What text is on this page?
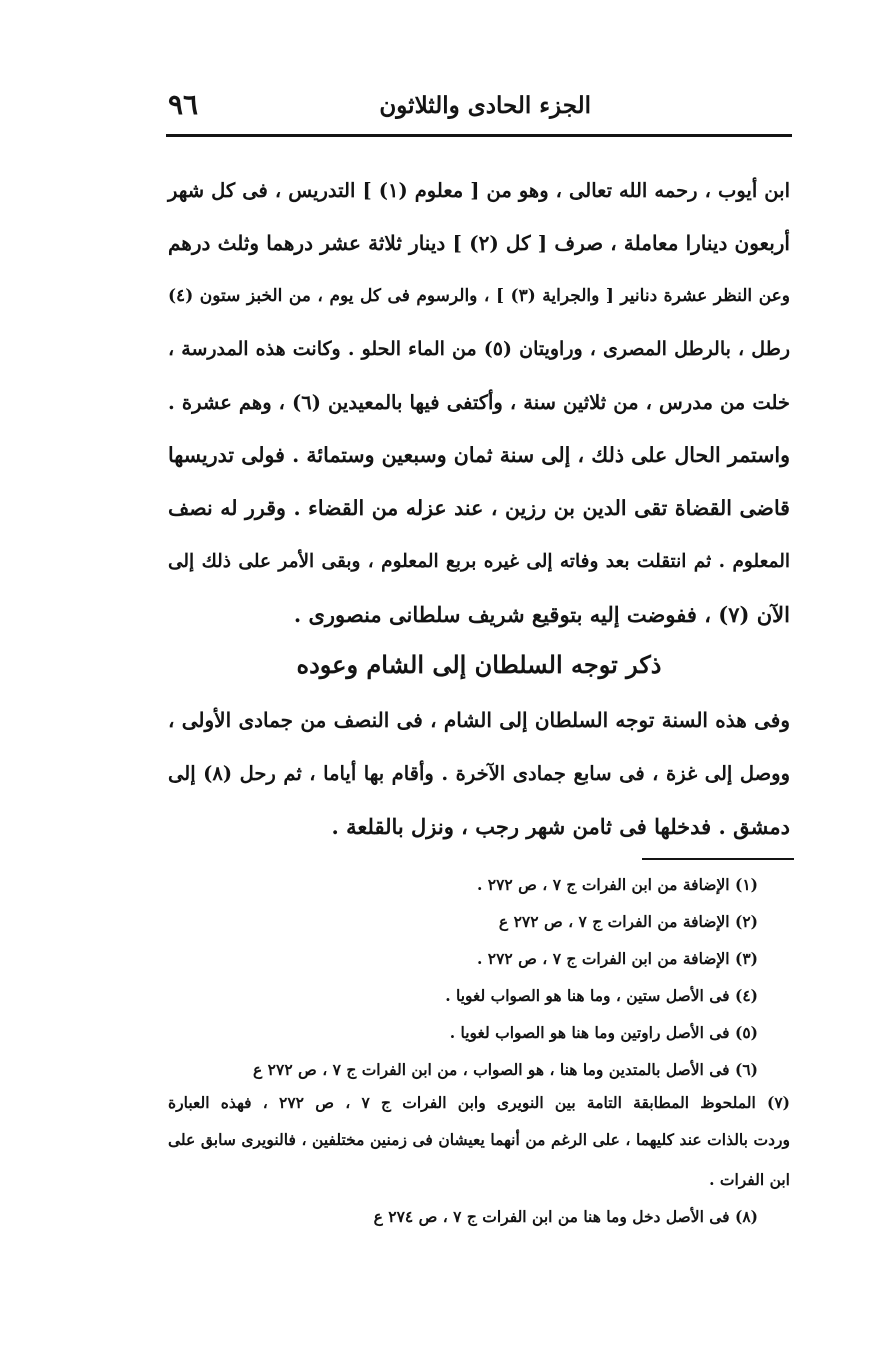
الجزء الحادى والثلاثون
٩٦
ابن أيوب ، رحمه الله تعالى ، وهو من [ معلوم (١) ] التدريس ، فى كل شهر
أربعون دينارا معاملة ، صرف [ كل (٢) ] دينار ثلاثة عشر درهما وثلث درهم
وعن النظر عشرة دنانير [ والجراية (٣) ] ، والرسوم فى كل يوم ، من الخبز ستون (٤)
رطل ، بالرطل المصرى ، وراويتان (٥) من الماء الحلو . وكانت هذه المدرسة ،
خلت من مدرس ، من ثلاثين سنة ، وأكتفى فيها بالمعيدين (٦) ، وهم عشرة .
واستمر الحال على ذلك ، إلى سنة ثمان وسبعين وستمائة . فولى تدريسها
قاضى القضاة تقى الدين بن رزين ، عند عزله من القضاء . وقرر له نصف
المعلوم . ثم انتقلت بعد وفاته إلى غيره بربع المعلوم ، وبقى الأمر على ذلك إلى
الآن (٧) ، ففوضت إليه بتوقيع شريف سلطانى منصورى .
ذكر توجه السلطان إلى الشام وعوده
وفى هذه السنة توجه السلطان إلى الشام ، فى النصف من جمادى الأولى ،
ووصل إلى غزة ، فى سابع جمادى الآخرة . وأقام بها أياما ، ثم رحل (٨) إلى
دمشق . فدخلها فى ثامن شهر رجب ، ونزل بالقلعة .
(١) الإضافة من ابن الفرات ج ٧ ، ص ٢٧٢ .
(٢) الإضافة من الفرات ج ٧ ، ص ٢٧٢ ع
(٣) الإضافة من ابن الفرات ج ٧ ، ص ٢٧٢ .
(٤) فى الأصل ستين ، وما هنا هو الصواب لغويا .
(٥) فى الأصل راوتين وما هنا هو الصواب لغويا .
(٦) فى الأصل بالمتدين وما هنا ، هو الصواب ، من ابن الفرات ج ٧ ، ص ٢٧٢ ع
(٧) الملحوظ المطابقة التامة بين النويرى وابن الفرات ج ٧ ، ص ٢٧٢ ، فهذه العبارة
وردت بالذات عند كليهما ، على الرغم من أنهما يعيشان فى زمنين مختلفين ، فالنويرى سابق على
ابن الفرات .
(٨) فى الأصل دخل وما هنا من ابن الفرات ج ٧ ، ص ٢٧٤ ع
